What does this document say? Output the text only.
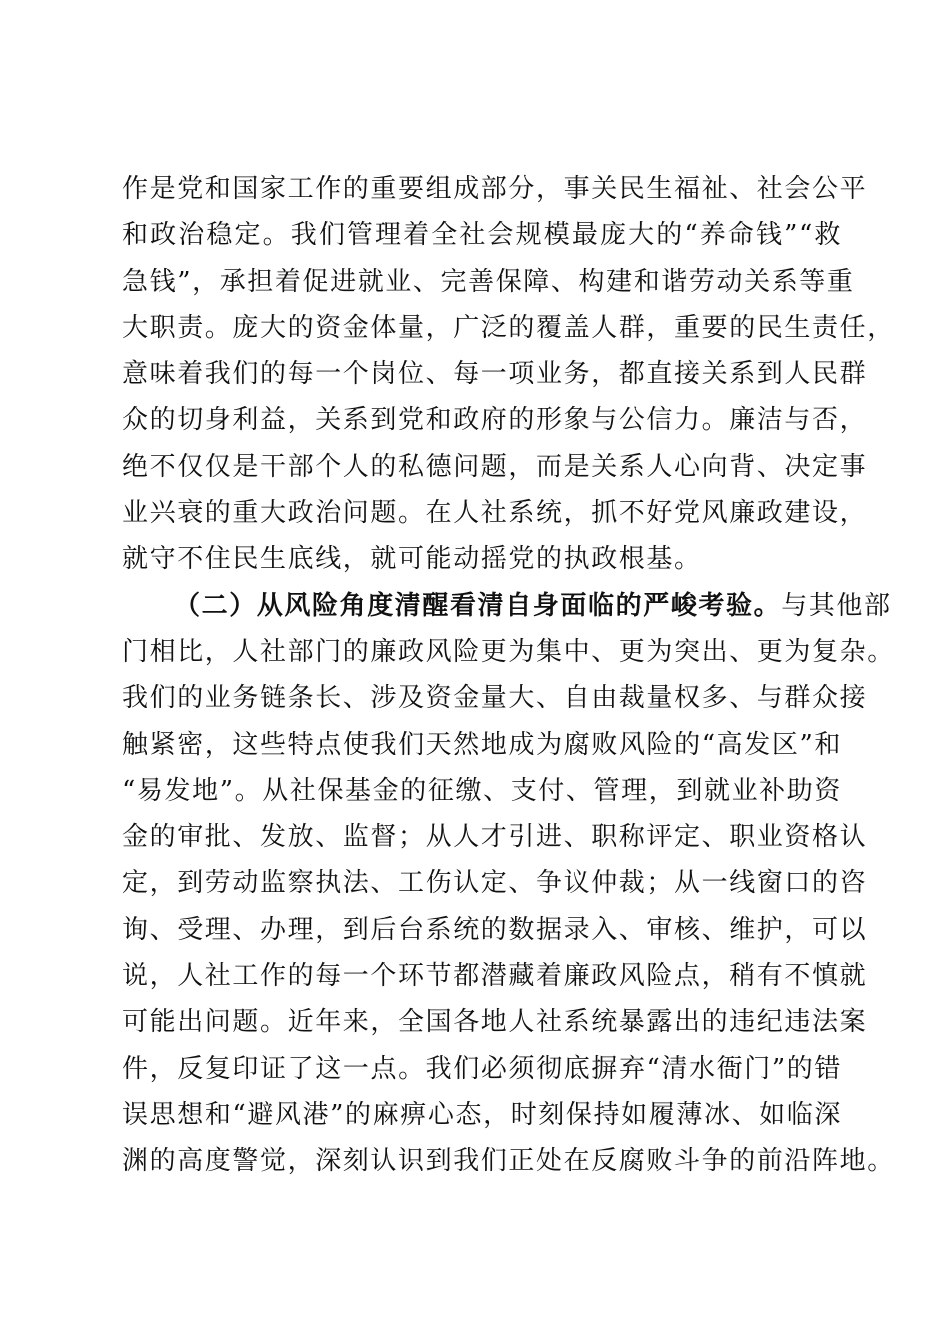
作是党和国家工作的重要组成部分，事关民生福祉、社会公平
和政治稳定。我们管理着全社会规模最庞大的“养命钱”“救
急钱”，承担着促进就业、完善保障、构建和谐劳动关系等重
大职责。庞大的资金体量，广泛的覆盖人群，重要的民生责任，
意味着我们的每一个岗位、每一项业务，都直接关系到人民群
众的切身利益，关系到党和政府的形象与公信力。廉洁与否，
绝不仅仅是干部个人的私德问题，而是关系人心向背、决定事
业兴衰的重大政治问题。在人社系统，抓不好党风廉政建设，
就守不住民生底线，就可能动摇党的执政根基。
（二）从风险角度清醒看清自身面临的严峻考验。与其他部
门相比，人社部门的廉政风险更为集中、更为突出、更为复杂。
我们的业务链条长、涉及资金量大、自由裁量权多、与群众接
触紧密，这些特点使我们天然地成为腐败风险的“高发区”和
“易发地”。从社保基金的征缴、支付、管理，到就业补助资
金的审批、发放、监督；从人才引进、职称评定、职业资格认
定，到劳动监察执法、工伤认定、争议仲裁；从一线窗口的咨
询、受理、办理，到后台系统的数据录入、审核、维护，可以
说，人社工作的每一个环节都潜藏着廉政风险点，稍有不慎就
可能出问题。近年来，全国各地人社系统暴露出的违纪违法案
件，反复印证了这一点。我们必须彻底摒弃“清水衙门”的错
误思想和“避风港”的麻痹心态，时刻保持如履薄冰、如临深
渊的高度警觉，深刻认识到我们正处在反腐败斗争的前沿阵地。
